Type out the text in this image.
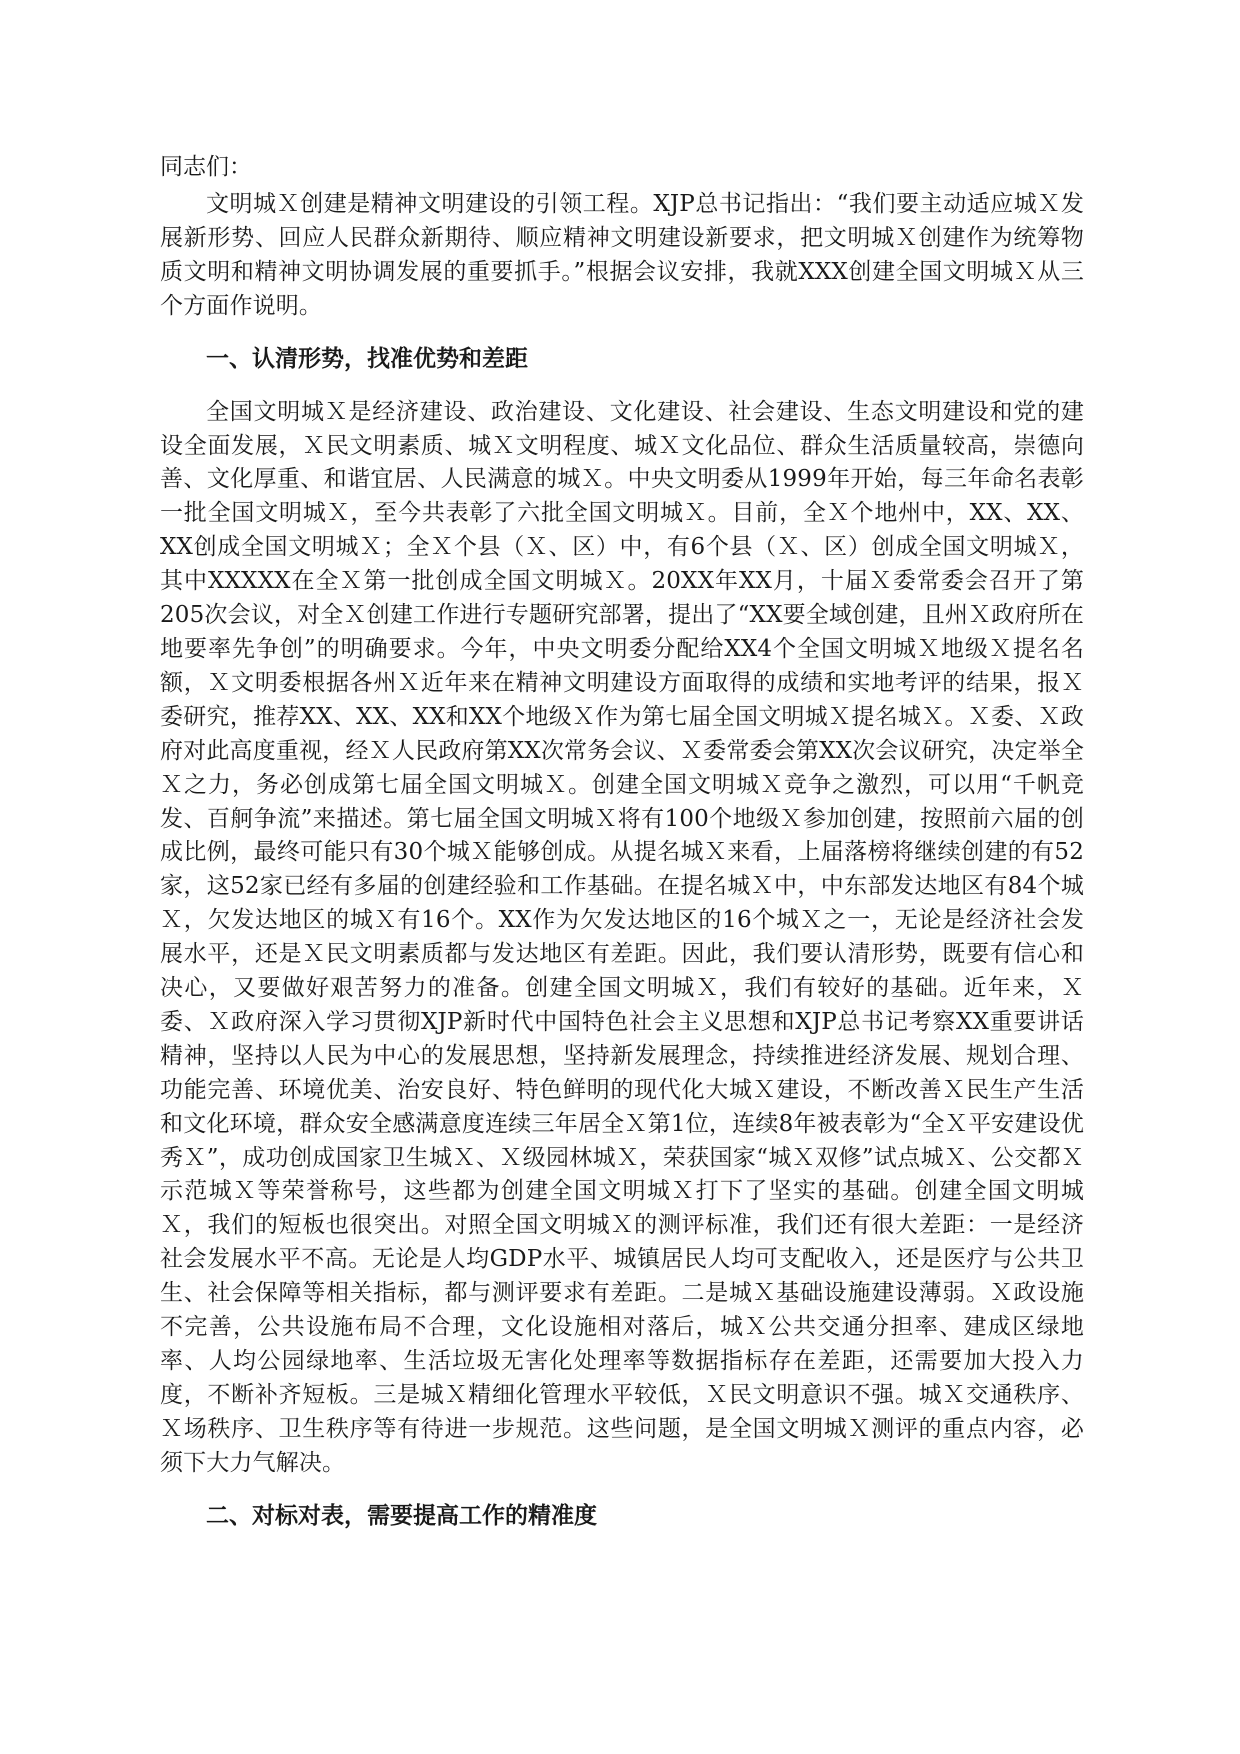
同志们：

文明城Ｘ创建是精神文明建设的引领工程。XJP总书记指出：“我们要主动适应城Ｘ发展新形势、回应人民群众新期待、顺应精神文明建设新要求，把文明城Ｘ创建作为统筹物质文明和精神文明协调发展的重要抓手。”根据会议安排，我就XXX创建全国文明城Ｘ从三个方面作说明。

一、认清形势，找准优势和差距

全国文明城Ｘ是经济建设、政治建设、文化建设、社会建设、生态文明建设和党的建设全面发展，Ｘ民文明素质、城Ｘ文明程度、城Ｘ文化品位、群众生活质量较高，崇德向善、文化厚重、和谐宜居、人民满意的城Ｘ。中央文明委从1999年开始，每三年命名表彰一批全国文明城Ｘ，至今共表彰了六批全国文明城Ｘ。目前，全Ｘ个地州中，XX、XX、XX创成全国文明城Ｘ；全Ｘ个县（Ｘ、区）中，有6个县（Ｘ、区）创成全国文明城Ｘ，其中XXXXX在全Ｘ第一批创成全国文明城Ｘ。20XX年XX月，十届Ｘ委常委会召开了第205次会议，对全Ｘ创建工作进行专题研究部署，提出了“XX要全域创建，且州Ｘ政府所在地要率先争创”的明确要求。今年，中央文明委分配给XX4个全国文明城Ｘ地级Ｘ提名名额，Ｘ文明委根据各州Ｘ近年来在精神文明建设方面取得的成绩和实地考评的结果，报Ｘ委研究，推荐XX、XX、XX和XX个地级Ｘ作为第七届全国文明城Ｘ提名城Ｘ。Ｘ委、Ｘ政府对此高度重视，经Ｘ人民政府第XX次常务会议、Ｘ委常委会第XX次会议研究，决定举全Ｘ之力，务必创成第七届全国文明城Ｘ。创建全国文明城Ｘ竞争之激烈，可以用“千帆竞发、百舸争流”来描述。第七届全国文明城Ｘ将有100个地级Ｘ参加创建，按照前六届的创成比例，最终可能只有30个城Ｘ能够创成。从提名城Ｘ来看，上届落榜将继续创建的有52家，这52家已经有多届的创建经验和工作基础。在提名城Ｘ中，中东部发达地区有84个城Ｘ，欠发达地区的城Ｘ有16个。XX作为欠发达地区的16个城Ｘ之一，无论是经济社会发展水平，还是Ｘ民文明素质都与发达地区有差距。因此，我们要认清形势，既要有信心和决心，又要做好艰苦努力的准备。创建全国文明城Ｘ，我们有较好的基础。近年来，Ｘ委、Ｘ政府深入学习贯彻XJP新时代中国特色社会主义思想和XJP总书记考察XX重要讲话精神，坚持以人民为中心的发展思想，坚持新发展理念，持续推进经济发展、规划合理、功能完善、环境优美、治安良好、特色鲜明的现代化大城Ｘ建设，不断改善Ｘ民生产生活和文化环境，群众安全感满意度连续三年居全Ｘ第1位，连续8年被表彰为“全Ｘ平安建设优秀Ｘ”，成功创成国家卫生城Ｘ、Ｘ级园林城Ｘ，荣获国家“城Ｘ双修”试点城Ｘ、公交都Ｘ示范城Ｘ等荣誉称号，这些都为创建全国文明城Ｘ打下了坚实的基础。创建全国文明城Ｘ，我们的短板也很突出。对照全国文明城Ｘ的测评标准，我们还有很大差距：一是经济社会发展水平不高。无论是人均GDP水平、城镇居民人均可支配收入，还是医疗与公共卫生、社会保障等相关指标，都与测评要求有差距。二是城Ｘ基础设施建设薄弱。Ｘ政设施不完善，公共设施布局不合理，文化设施相对落后，城Ｘ公共交通分担率、建成区绿地率、人均公园绿地率、生活垃圾无害化处理率等数据指标存在差距，还需要加大投入力度，不断补齐短板。三是城Ｘ精细化管理水平较低，Ｘ民文明意识不强。城Ｘ交通秩序、Ｘ场秩序、卫生秩序等有待进一步规范。这些问题，是全国文明城Ｘ测评的重点内容，必须下大力气解决。

二、对标对表，需要提高工作的精准度
